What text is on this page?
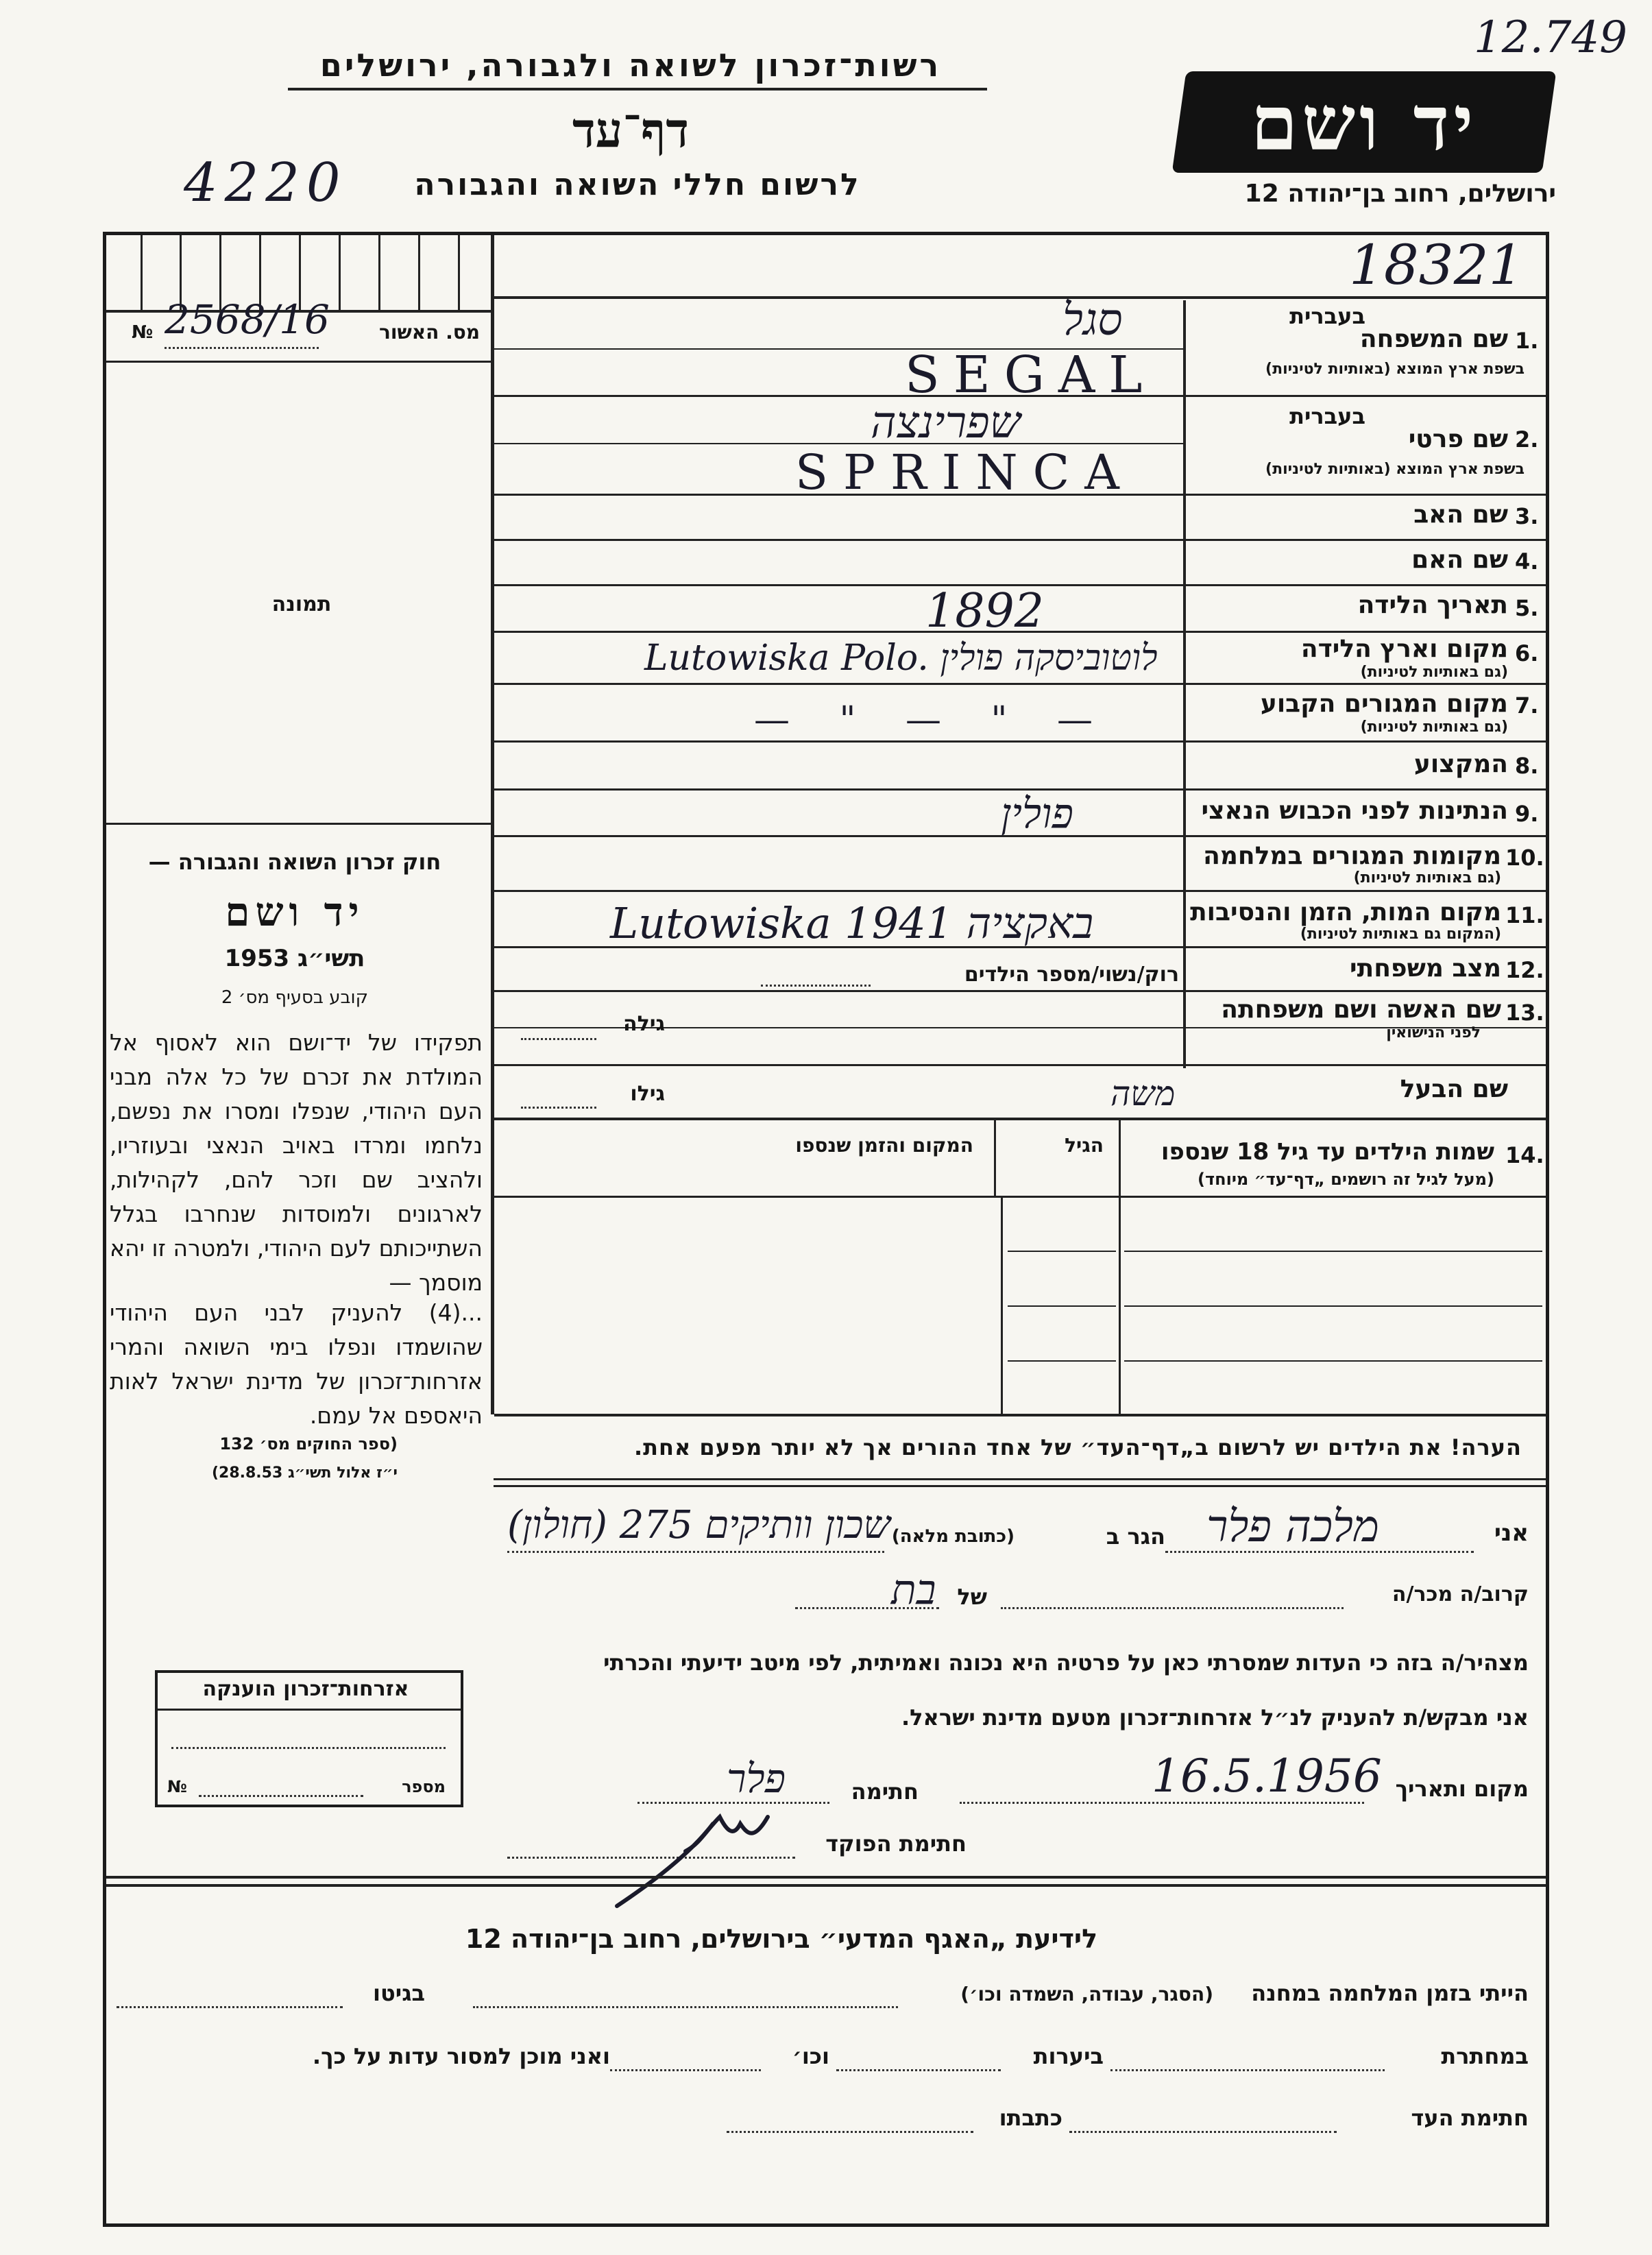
12.749
רשות־זכרון לשואה ולגבורה, ירושלים
דף־עד
4220	לרשום חללי השואה והגבורה
יד ושם
ירושלים, רחוב בן־יהודה 12
18321
מס. האשור
№ 2568/16
תמונה
חוק זכרון השואה והגבורה —
יד ושם
תשי״ג 1953
קובע בסעיף מס׳ 2
תפקידו של יד־ושם הוא לאסוף אל המולדת את זכרם של כל אלה מבני העם היהודי, שנפלו ומסרו את נפשם, נלחמו ומרדו באויב הנאצי ובעוזריו, ולהציב שם וזכר להם, לקהילות, לארגונים ולמוסדות שנחרבו בגלל השתייכותם לעם היהודי, ולמטרה זו יהא מוסמך —
...(4) להעניק לבני העם היהודי שהושמדו ונפלו בימי השואה והמרי אזרחות־זכרון של מדינת ישראל לאות היאספם אל עמם.
(ספר החוקים מס׳ 132
י״ז אלול תשי״ג 28.8.53)
1.
שם המשפחה
בעברית
בשפת ארץ המוצא (באותיות לטיניות)
סגל
SEGAL
2.
שם פרטי
בעברית
בשפת ארץ המוצא (באותיות לטיניות)
שפרינצה
SPRINCA
3.
שם האב
4.
שם האם
5.
תאריך הלידה
1892
6.
מקום וארץ הלידה
(גם באותיות לטיניות)
Lutowiska Polo. לוטוביסקה פולין
7.
מקום המגורים הקבוע
(גם באותיות לטיניות)
— " — " —
8.
המקצוע
9.
הנתינות לפני הכבוש הנאצי
פולין
10.
מקומות המגורים במלחמה
(גם באותיות לטיניות)
11.
מקום המות, הזמן והנסיבות
(המקום גם באותיות לטיניות)
Lutowiska 1941 באקציה
12.
מצב משפחתי
רוק/נשוי/מספר הילדים
13.
שם האשה ושם משפחתה
לפני הנישואין
גילה
שם הבעל
משה
גילו
14.
שמות הילדים עד גיל 18 שנספו
(מעל לגיל זה רושמים „דף־עד״ מיוחד)
הגיל
המקום והזמן שנספו
הערה! את הילדים יש לרשום ב„דף־העד״ של אחד ההורים אך לא יותר מפעם אחת.
אני
מלכה פלר
הגר ב
(כתובת מלאה)
שכון וותיקים 275 (חולון)
קרוב/ה מכר/ה
של
בת
מצהיר/ה בזה כי העדות שמסרתי כאן על פרטיה היא נכונה ואמיתית, לפי מיטב ידיעתי והכרתי
אני מבקש/ת להעניק לנ״ל אזרחות־זכרון מטעם מדינת ישראל.
מקום ותאריך
16.5.1956
חתימה
פלר
חתימת הפוקד
אזרחות־זכרון הוענקה
מספר
№
לידיעת „האגף המדעי״ בירושלים, רחוב בן־יהודה 12
הייתי בזמן המלחמה במחנה
(הסגר, עבודה, השמדה וכו׳)
בגיטו
במחתרת
ביערות
וכו׳
ואני מוכן למסור עדות על כך.
חתימת העד
כתבתו
